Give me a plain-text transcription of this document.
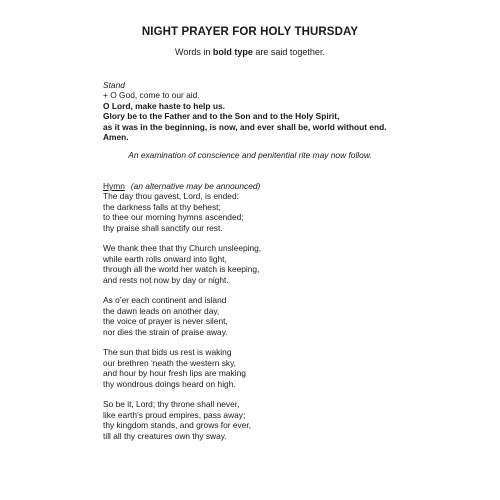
NIGHT PRAYER FOR HOLY THURSDAY
Words in bold type are said together.
Stand
+ O God, come to our aid.
O Lord, make haste to help us.
Glory be to the Father and to the Son and to the Holy Spirit,
as it was in the beginning, is now, and ever shall be, world without end.
Amen.
An examination of conscience and penitential rite may now follow.
Hymn (an alternative may be announced)
The day thou gavest, Lord, is ended:
the darkness falls at thy behest;
to thee our morning hymns ascended;
thy praise shall sanctify our rest.
We thank thee that thy Church unsleeping,
while earth rolls onward into light,
through all the world her watch is keeping,
and rests not now by day or night.
As o’er each continent and island
the dawn leads on another day,
the voice of prayer is never silent,
nor dies the strain of praise away.
The sun that bids us rest is waking
our brethren ‘neath the western sky,
and hour by hour fresh lips are making
thy wondrous doings heard on high.
So be it, Lord; thy throne shall never,
like earth’s proud empires, pass away;
thy kingdom stands, and grows for ever,
till all thy creatures own thy sway.
